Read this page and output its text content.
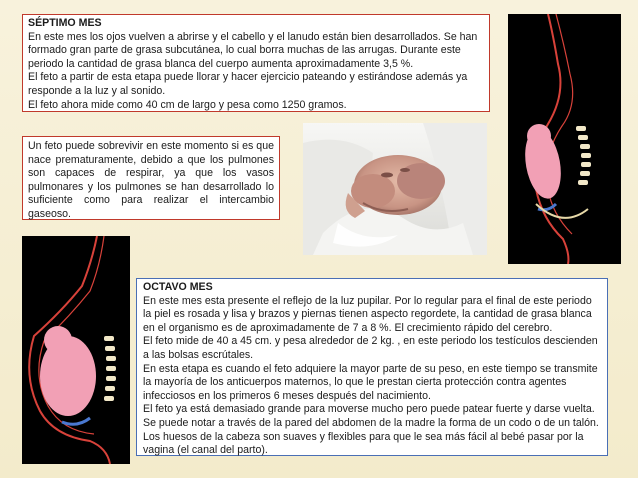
SÉPTIMO MES
En este mes los ojos vuelven a abrirse y el cabello y el lanudo están bien desarrollados. Se han formado gran parte de grasa subcutánea, lo cual borra muchas de las arrugas. Durante este periodo la cantidad de grasa blanca del cuerpo aumenta aproximadamente 3,5 %.
El feto a partir de esta etapa puede llorar y hacer ejercicio pateando y estirándose además ya responde a la luz y al sonido.
El feto ahora mide como 40 cm de largo y pesa como 1250 gramos.
Un feto puede sobrevivir en este momento si es que nace prematuramente, debido a que los pulmones son capaces de respirar, ya que los vasos pulmonares y los pulmones se han desarrollado lo suficiente como para realizar el intercambio gaseoso.
OCTAVO MES
En este mes esta presente el reflejo de la luz pupilar. Por lo regular para el final de este periodo la piel es rosada y lisa y brazos y piernas tienen aspecto regordete, la cantidad de grasa blanca en el organismo es de aproximadamente de 7 a 8 %. El crecimiento rápido del cerebro.
El feto mide de 40 a 45 cm. y pesa alrededor de 2 kg. , en este periodo los testículos descienden a las bolsas escrútales.
En esta etapa es cuando el feto adquiere la mayor parte de su peso, en este tiempo se transmite la mayoría de los anticuerpos maternos, lo que le prestan cierta protección contra agentes infecciosos en los primeros 6 meses después del nacimiento.
El feto ya está demasiado grande para moverse mucho pero puede patear fuerte y darse vuelta. Se puede notar a través de la pared del abdomen de la madre la forma de un codo o de un talón. Los huesos de la cabeza son suaves y flexibles para que le sea más fácil al bebé pasar por la vagina (el canal del parto).
